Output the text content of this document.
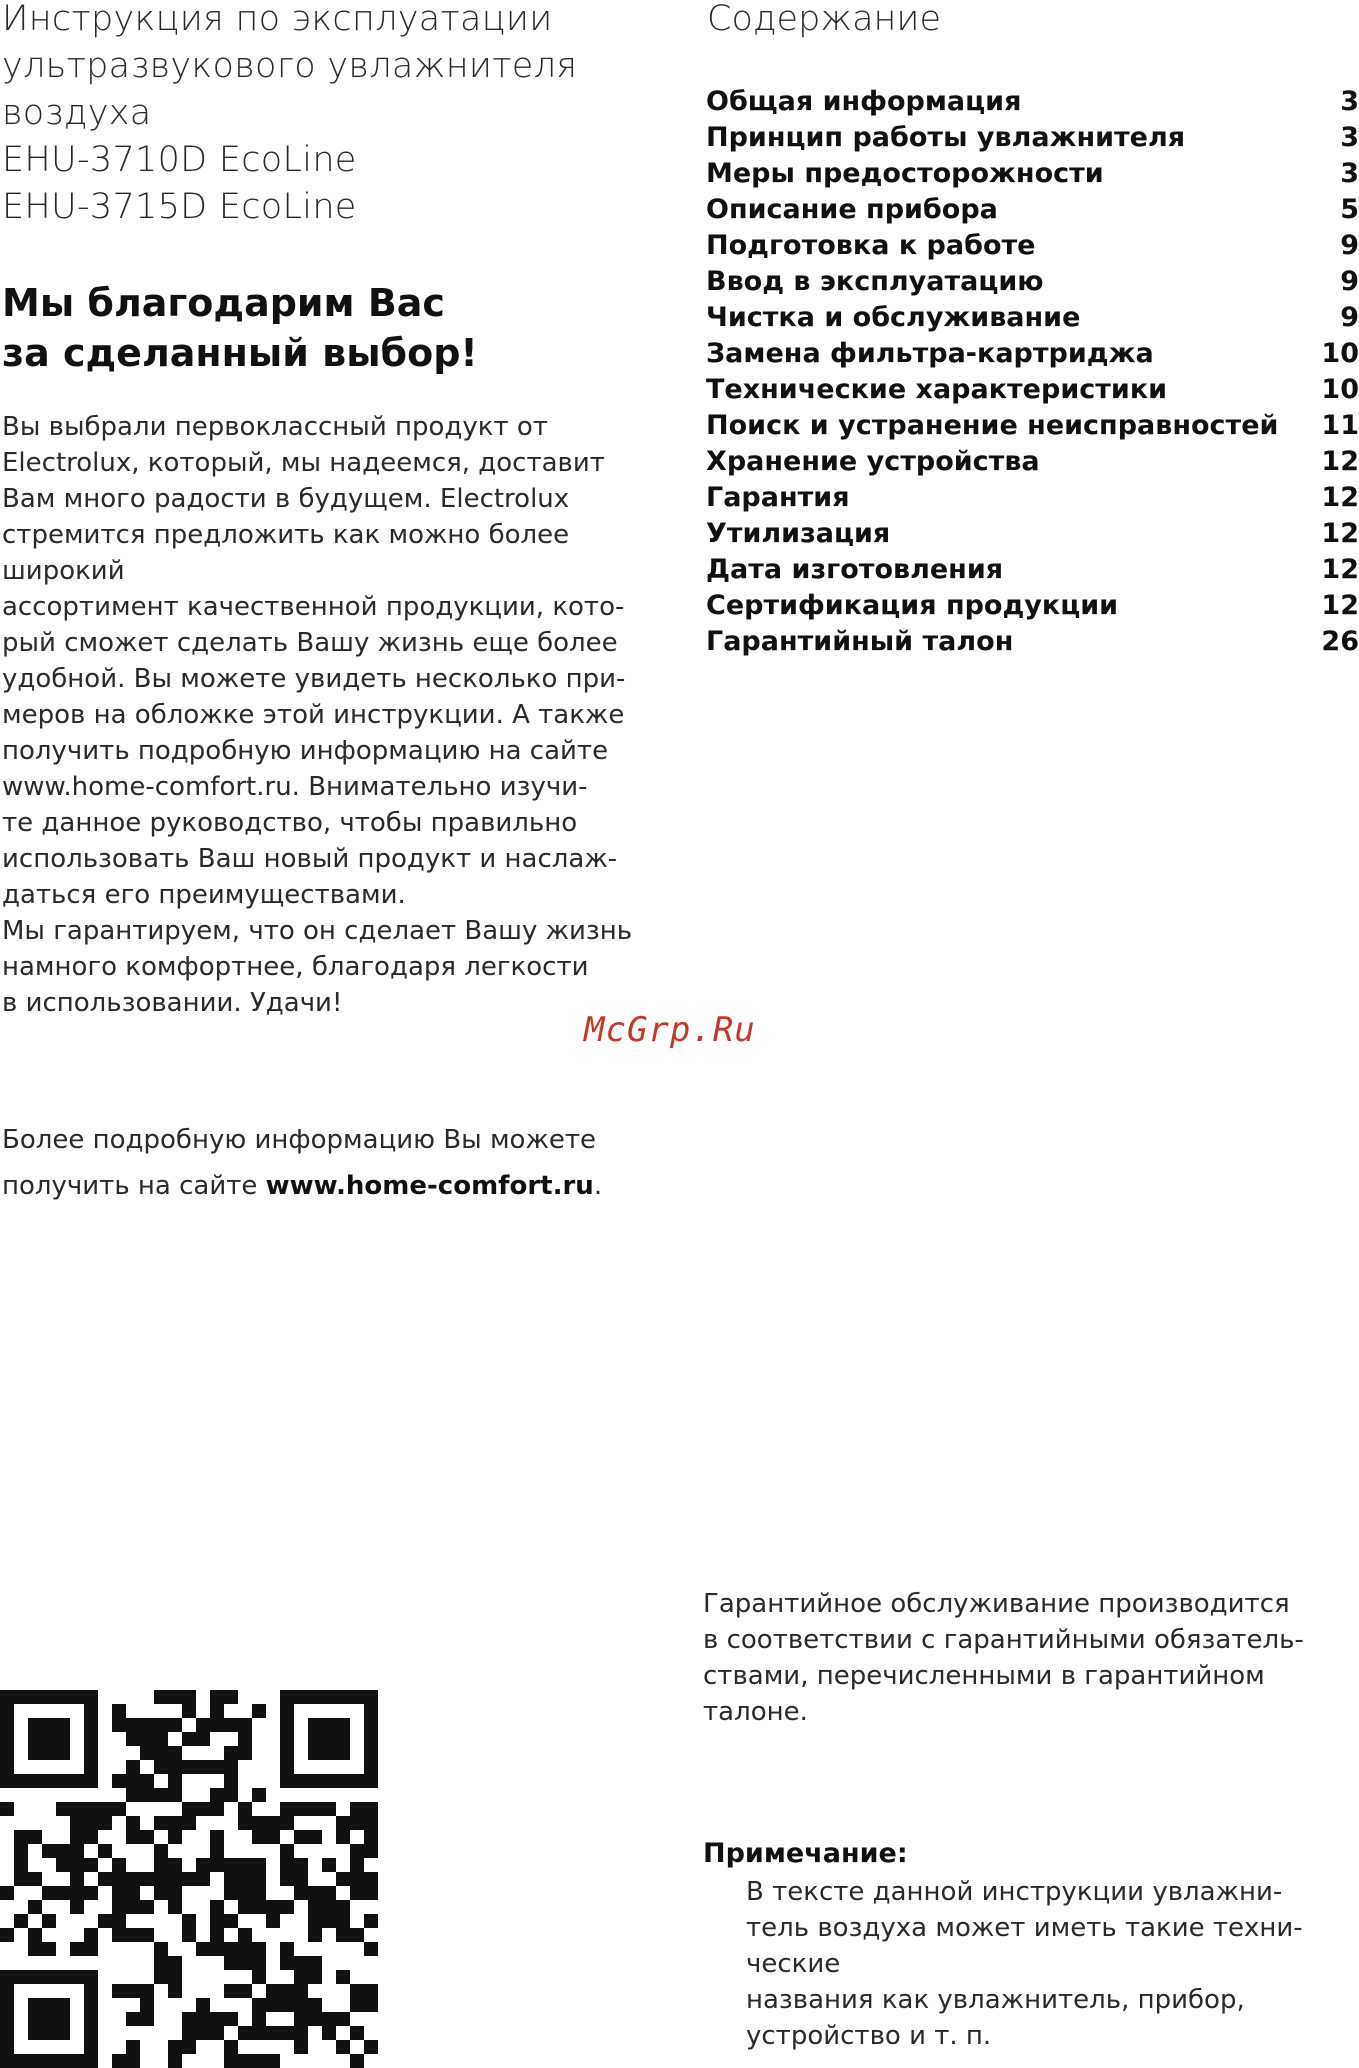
Инструкция по эксплуатации
ультразвукового увлажнителя
воздуха
EHU-3710D EcoLine
EHU-3715D EcoLine
Мы благодарим Вас
за сделанный выбор!
Вы выбрали первоклассный продукт от
Electrolux, который, мы надеемся, доставит
Вам много радости в будущем. Electrolux
стремится предложить как можно более
широкий
ассортимент качественной продукции, кото-
рый сможет сделать Вашу жизнь еще более
удобной. Вы можете увидеть несколько при-
меров на обложке этой инструкции. А также
получить подробную информацию на сайте
www.home-comfort.ru. Внимательно изучи-
те данное руководство, чтобы правильно
использовать Ваш новый продукт и наслаж-
даться его преимуществами.
Мы гарантируем, что он сделает Вашу жизнь
намного комфортнее, благодаря легкости
в использовании. Удачи!
McGrp.Ru
Более подробную информацию Вы можете
получить на сайте www.home-comfort.ru.
Содержание
Общая информация	3
Принцип работы увлажнителя	3
Меры предосторожности	3
Описание прибора	5
Подготовка к работе	9
Ввод в эксплуатацию	9
Чистка и обслуживание	9
Замена фильтра-картриджа	10
Технические характеристики	10
Поиск и устранение неисправностей	11
Хранение устройства	12
Гарантия	12
Утилизация	12
Дата изготовления	12
Сертификация продукции	12
Гарантийный талон	26
Гарантийное обслуживание производится
в соответствии с гарантийными обязатель-
ствами, перечисленными в гарантийном
талоне.
Примечание:
В тексте данной инструкции увлажни-
тель воздуха может иметь такие техни-
ческие
названия как увлажнитель, прибор,
устройство и т. п.
